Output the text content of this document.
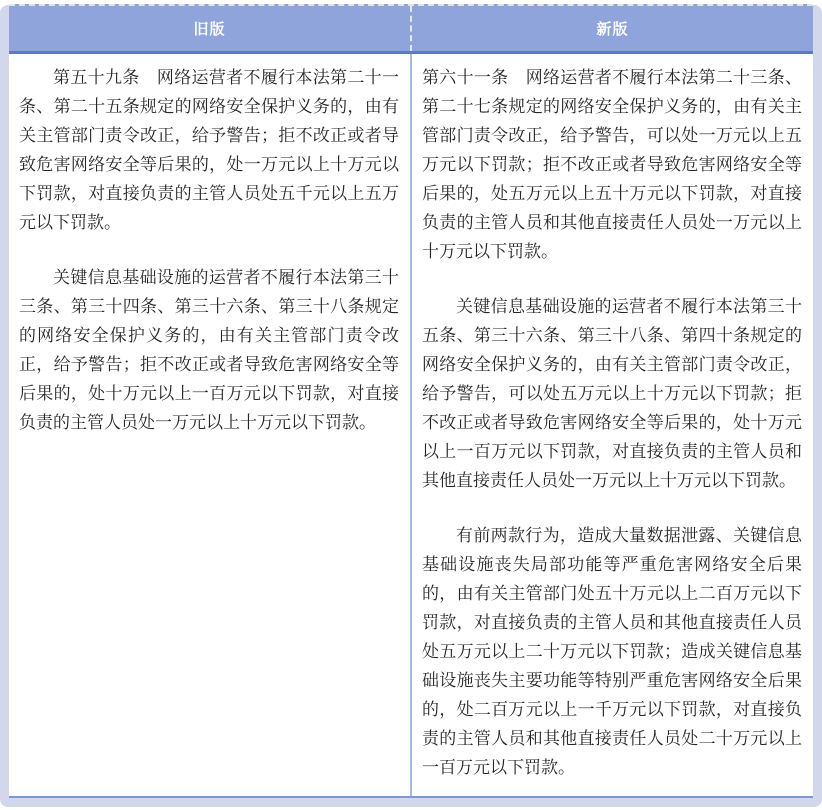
旧版	新版

第五十九条　网络运营者不履行本法第二十一条、第二十五条规定的网络安全保护义务的，由有关主管部门责令改正，给予警告；拒不改正或者导致危害网络安全等后果的，处一万元以上十万元以下罚款，对直接负责的主管人员处五千元以上五万元以下罚款。

关键信息基础设施的运营者不履行本法第三十三条、第三十四条、第三十六条、第三十八条规定的网络安全保护义务的，由有关主管部门责令改正，给予警告；拒不改正或者导致危害网络安全等后果的，处十万元以上一百万元以下罚款，对直接负责的主管人员处一万元以上十万元以下罚款。

第六十一条　网络运营者不履行本法第二十三条、第二十七条规定的网络安全保护义务的，由有关主管部门责令改正，给予警告，可以处一万元以上五万元以下罚款；拒不改正或者导致危害网络安全等后果的，处五万元以上五十万元以下罚款，对直接负责的主管人员和其他直接责任人员处一万元以上十万元以下罚款。

关键信息基础设施的运营者不履行本法第三十五条、第三十六条、第三十八条、第四十条规定的网络安全保护义务的，由有关主管部门责令改正，给予警告，可以处五万元以上十万元以下罚款；拒不改正或者导致危害网络安全等后果的，处十万元以上一百万元以下罚款，对直接负责的主管人员和其他直接责任人员处一万元以上十万元以下罚款。

有前两款行为，造成大量数据泄露、关键信息基础设施丧失局部功能等严重危害网络安全后果的，由有关主管部门处五十万元以上二百万元以下罚款，对直接负责的主管人员和其他直接责任人员处五万元以上二十万元以下罚款；造成关键信息基础设施丧失主要功能等特别严重危害网络安全后果的，处二百万元以上一千万元以下罚款，对直接负责的主管人员和其他直接责任人员处二十万元以上一百万元以下罚款。
